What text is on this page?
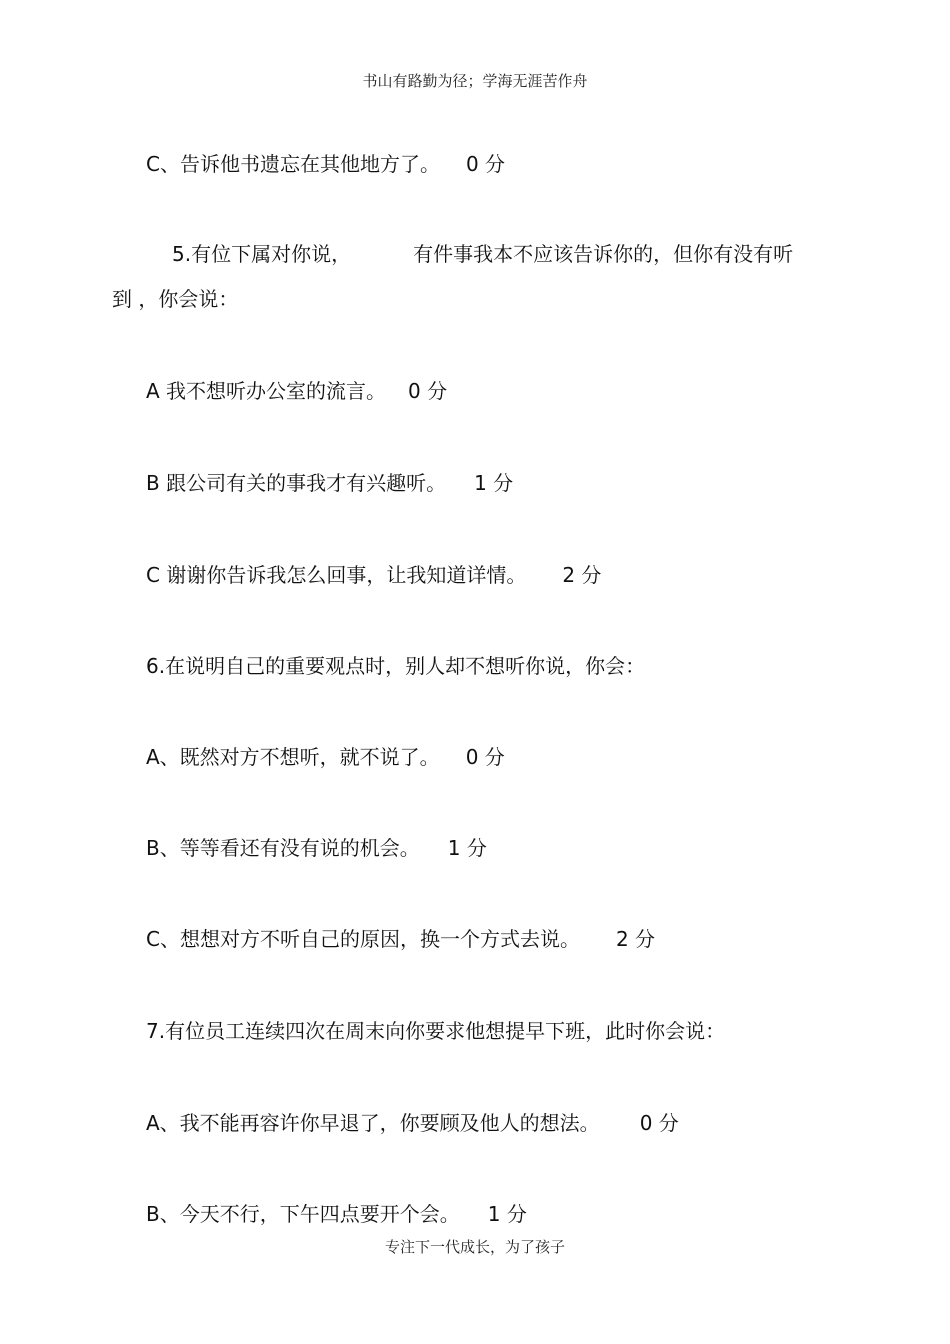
书山有路勤为径；学海无涯苦作舟
C、告诉他书遗忘在其他地方了。 0 分
5.有位下属对你说，	有件事我本不应该告诉你的，但你有没有听
到 ，你会说：
A 我不想听办公室的流言。 0 分
B 跟公司有关的事我才有兴趣听。 1 分
C 谢谢你告诉我怎么回事，让我知道详情。 2 分
6.在说明自己的重要观点时，别人却不想听你说，你会：
A、既然对方不想听，就不说了。 0 分
B、等等看还有没有说的机会。 1 分
C、想想对方不听自己的原因，换一个方式去说。 2 分
7.有位员工连续四次在周末向你要求他想提早下班，此时你会说：
A、我不能再容许你早退了，你要顾及他人的想法。 0 分
B、今天不行，下午四点要开个会。 1 分
专注下一代成长，为了孩子
